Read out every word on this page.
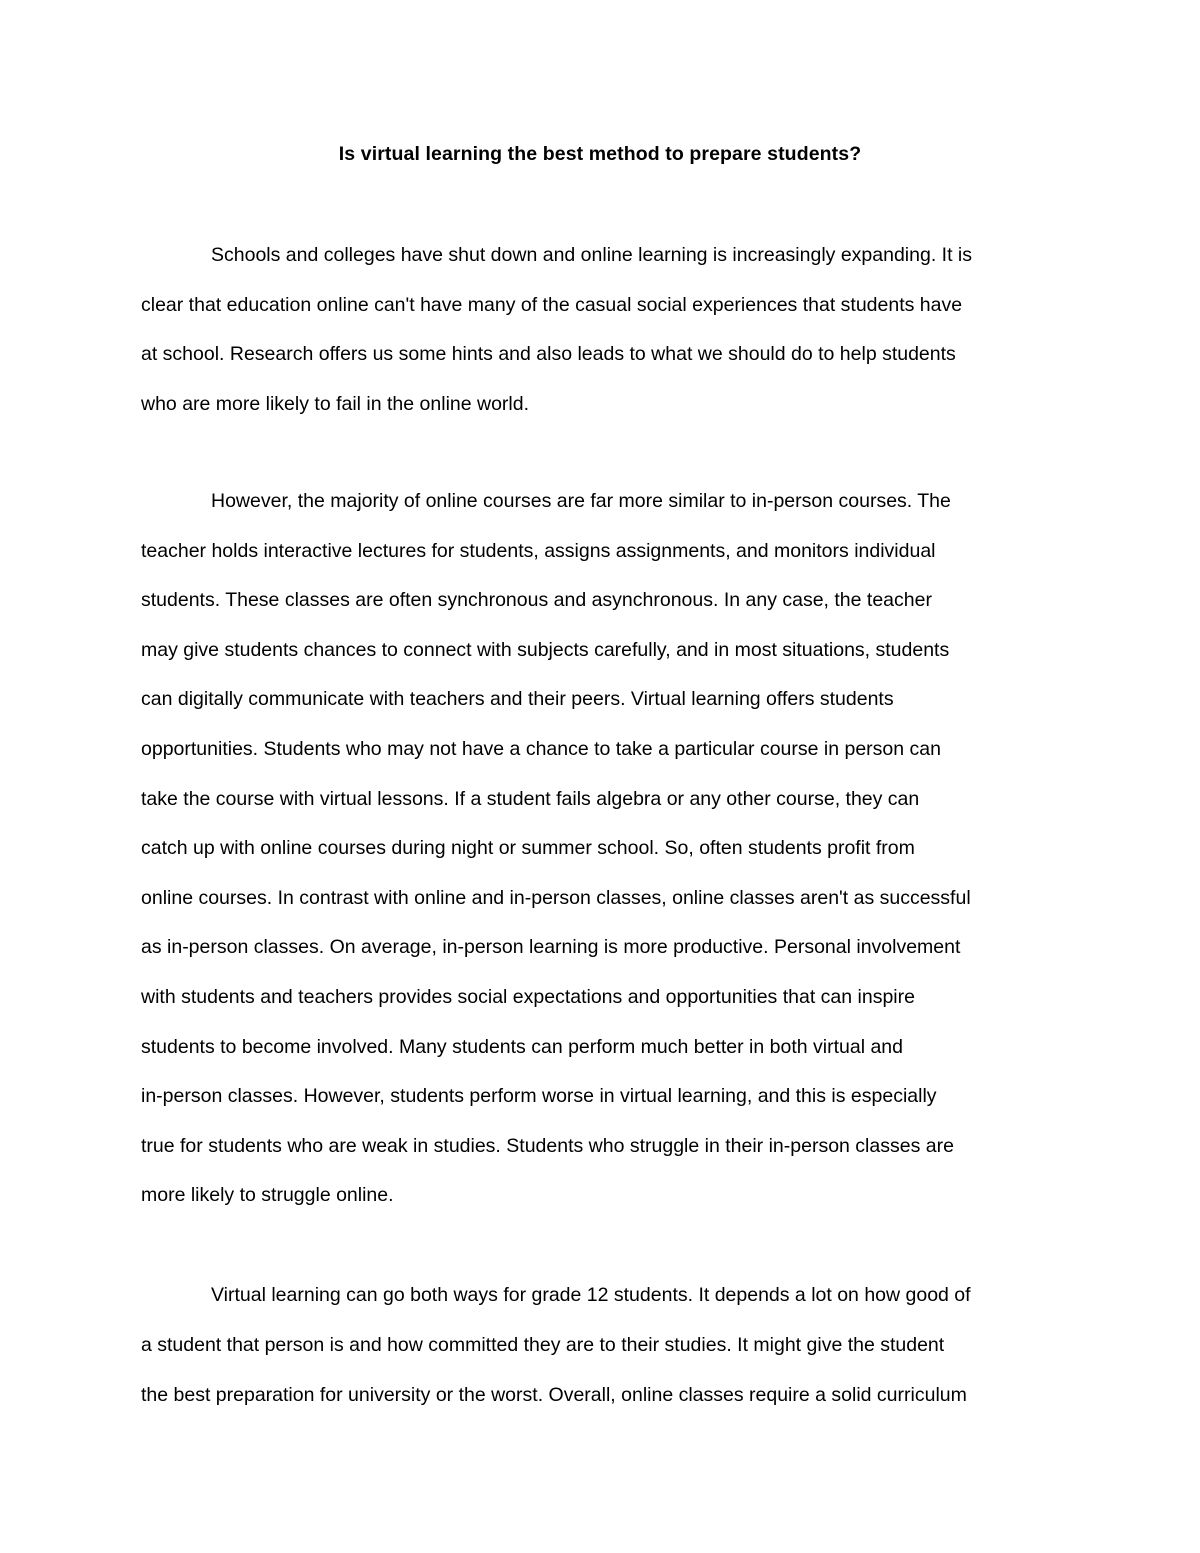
Is virtual learning the best method to prepare students?
Schools and colleges have shut down and online learning is increasingly expanding. It is
clear that education online can't have many of the casual social experiences that students have
at school. Research offers us some hints and also leads to what we should do to help students
who are more likely to fail in the online world.
However, the majority of online courses are far more similar to in-person courses. The
teacher holds interactive lectures for students, assigns assignments, and monitors individual
students. These classes are often synchronous and asynchronous. In any case, the teacher
may give students chances to connect with subjects carefully, and in most situations, students
can digitally communicate with teachers and their peers. Virtual learning offers students
opportunities. Students who may not have a chance to take a particular course in person can
take the course with virtual lessons. If a student fails algebra or any other course, they can
catch up with online courses during night or summer school. So, often students profit from
online courses. In contrast with online and in-person classes, online classes aren't as successful
as in-person classes. On average, in-person learning is more productive. Personal involvement
with students and teachers provides social expectations and opportunities that can inspire
students to become involved. Many students can perform much better in both virtual and
in-person classes. However, students perform worse in virtual learning, and this is especially
true for students who are weak in studies. Students who struggle in their in-person classes are
more likely to struggle online.
Virtual learning can go both ways for grade 12 students. It depends a lot on how good of
a student that person is and how committed they are to their studies. It might give the student
the best preparation for university or the worst. Overall, online classes require a solid curriculum
